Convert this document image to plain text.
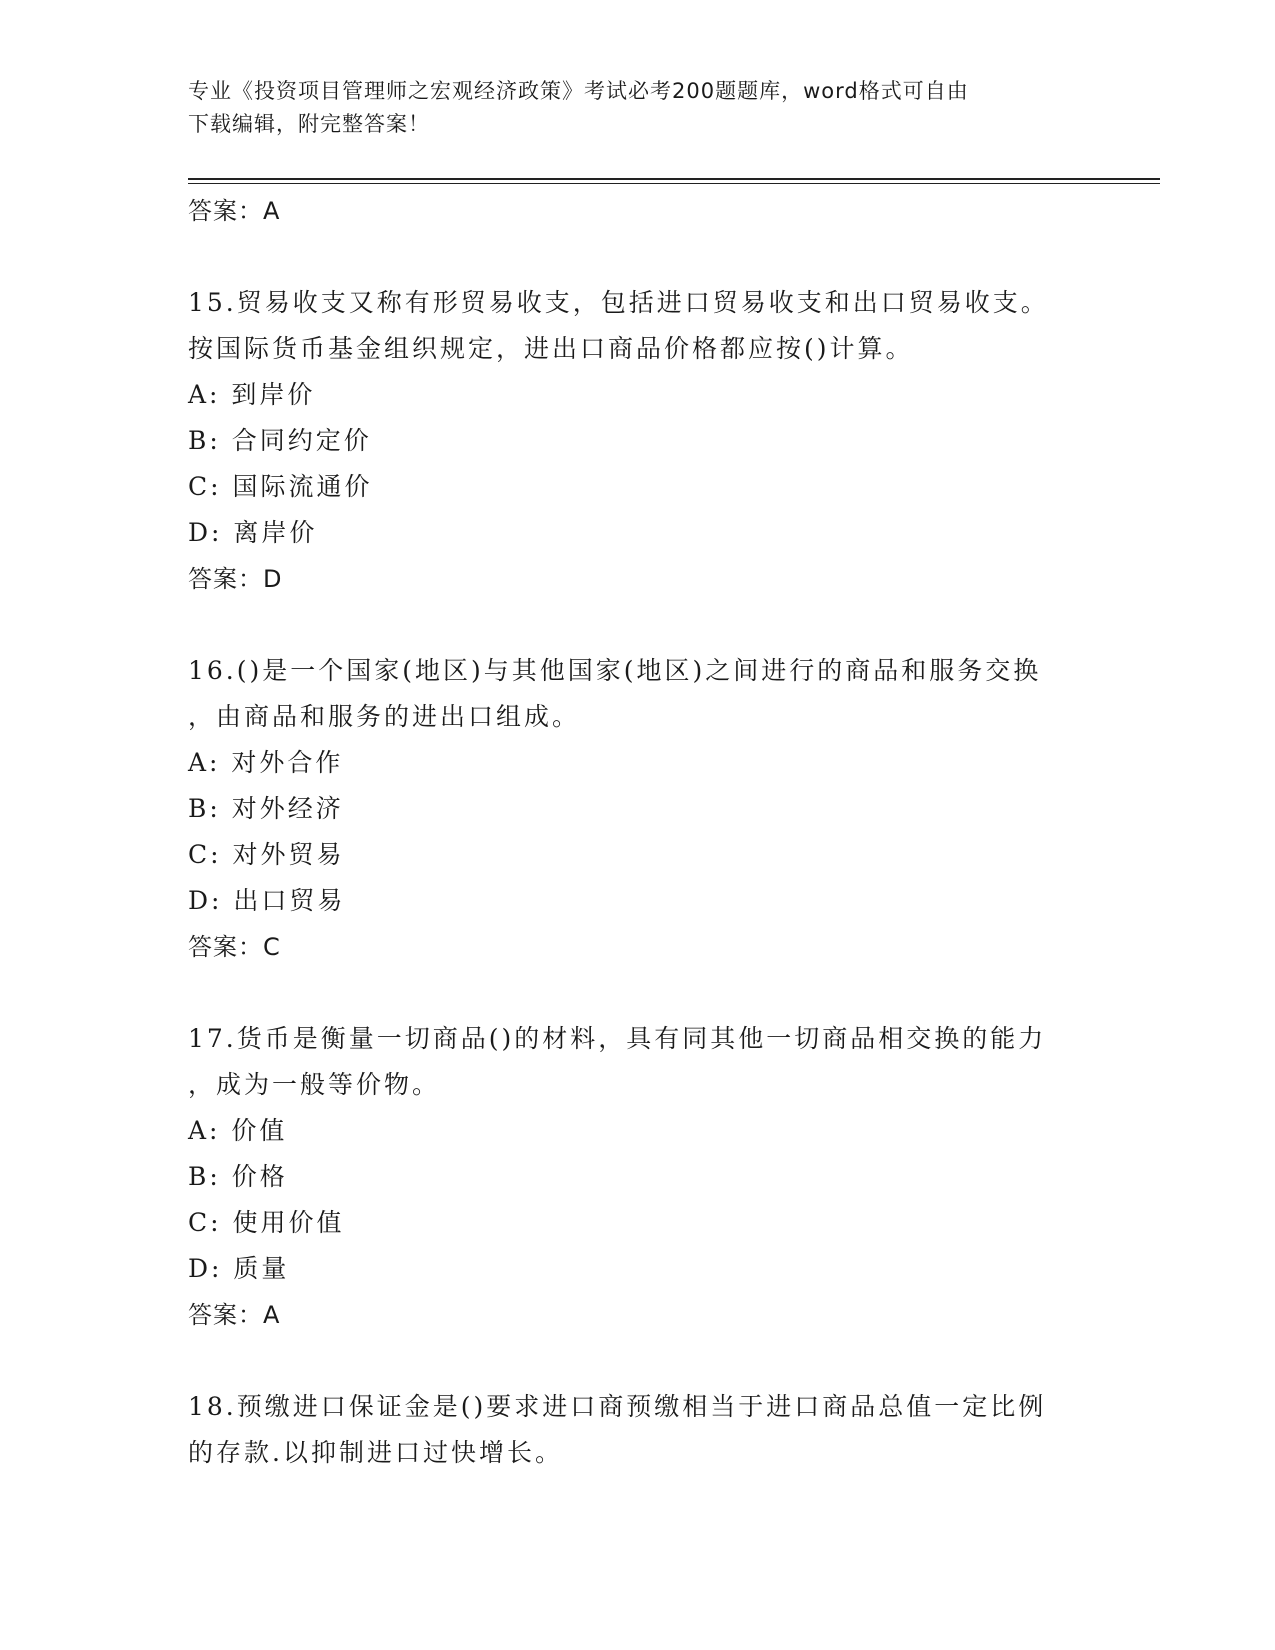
专业《投资项目管理师之宏观经济政策》考试必考200题题库，word格式可自由
下载编辑，附完整答案！
答案：A

15.贸易收支又称有形贸易收支，包括进口贸易收支和出口贸易收支。

按国际货币基金组织规定，进出口商品价格都应按()计算。

A: 到岸价
B: 合同约定价
C: 国际流通价
D: 离岸价
答案：D

16.()是一个国家(地区)与其他国家(地区)之间进行的商品和服务交换

，由商品和服务的进出口组成。

A: 对外合作
B: 对外经济
C: 对外贸易
D: 出口贸易
答案：C

17.货币是衡量一切商品()的材料，具有同其他一切商品相交换的能力

，成为一般等价物。

A: 价值
B: 价格
C: 使用价值
D: 质量
答案：A

18.预缴进口保证金是()要求进口商预缴相当于进口商品总值一定比例

的存款.以抑制进口过快增长。
